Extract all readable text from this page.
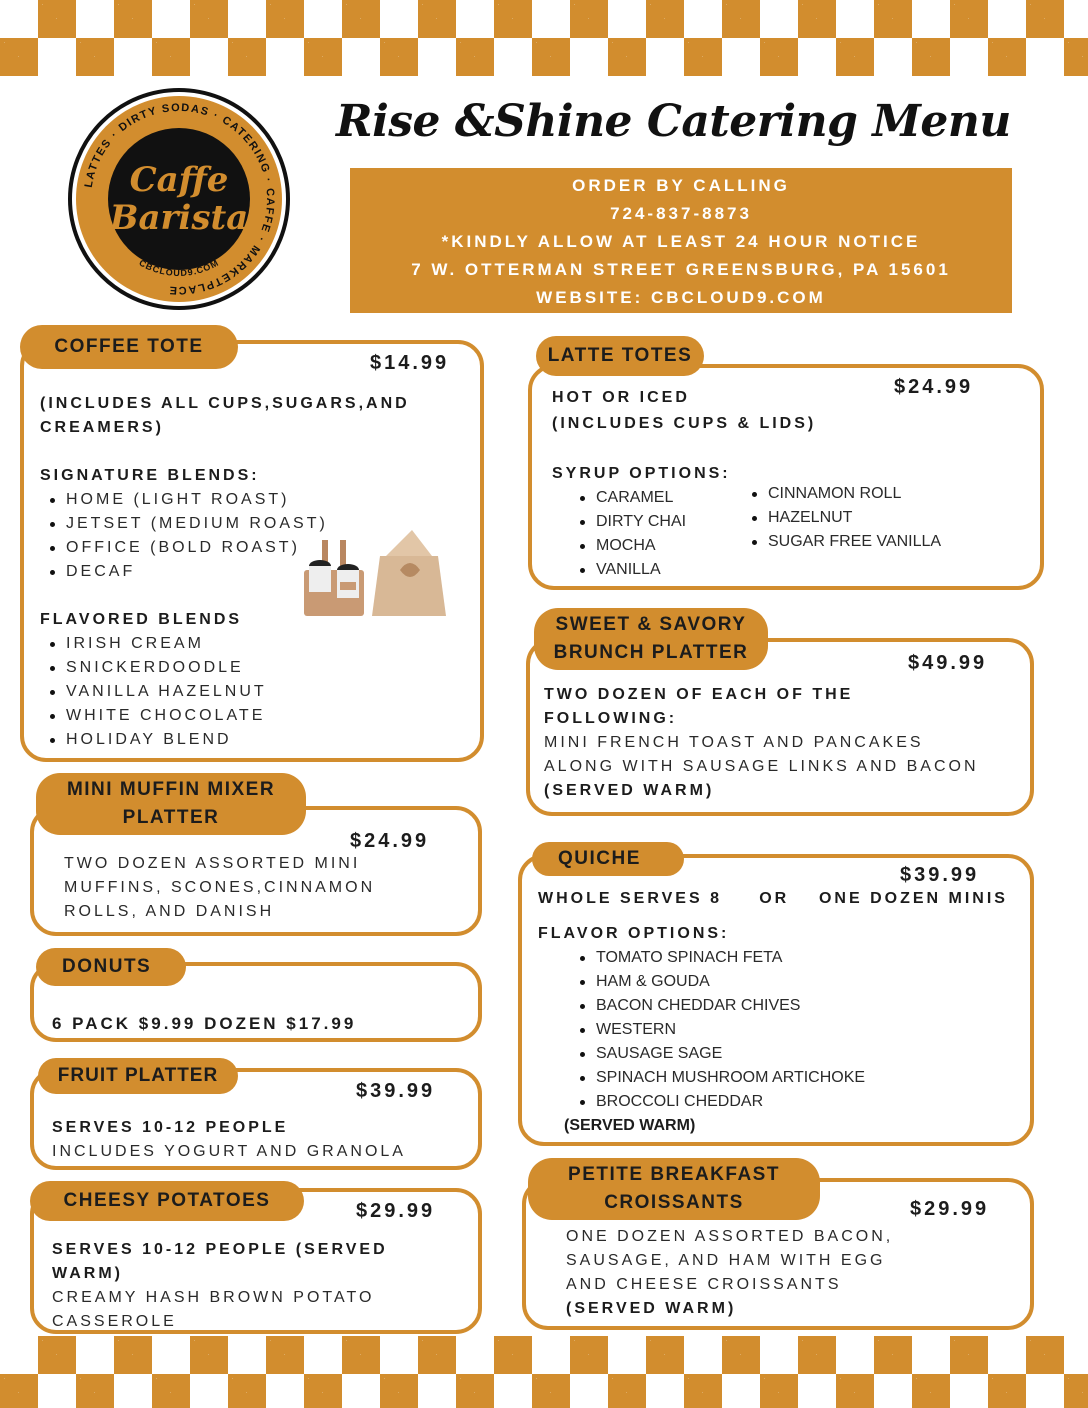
Caffe
Barista
LATTES · DIRTY SODAS · CATERING · CAFFE · MARKETPLACE
CBCLOUD9.COM
Rise &Shine Catering Menu
ORDER BY CALLING
724-837-8873
*KINDLY ALLOW AT LEAST 24 HOUR NOTICE
7 W. OTTERMAN STREET GREENSBURG, PA 15601
WEBSITE: CBCLOUD9.COM
COFFEE TOTE
$14.99
(INCLUDES ALL CUPS,SUGARS,AND
CREAMERS)
SIGNATURE BLENDS:
HOME (LIGHT ROAST)
JETSET (MEDIUM ROAST)
OFFICE (BOLD ROAST)
DECAF
FLAVORED BLENDS
IRISH CREAM
SNICKERDOODLE
VANILLA HAZELNUT
WHITE CHOCOLATE
HOLIDAY BLEND
MINI MUFFIN MIXER
PLATTER
$24.99
TWO DOZEN ASSORTED MINI
MUFFINS, SCONES,CINNAMON
ROLLS, AND DANISH
DONUTS
6 PACK $9.99 DOZEN $17.99
FRUIT PLATTER
$39.99
SERVES 10-12 PEOPLE
INCLUDES YOGURT AND GRANOLA
CHEESY POTATOES	$29.99
SERVES 10-12 PEOPLE (SERVED
WARM)
CREAMY HASH BROWN POTATO
CASSEROLE
LATTE TOTES
$24.99
HOT OR ICED
(INCLUDES CUPS & LIDS)
SYRUP OPTIONS:
CARAMEL
DIRTY CHAI
MOCHA
VANILLA
CINNAMON ROLL
HAZELNUT
SUGAR FREE VANILLA
SWEET & SAVORY
BRUNCH PLATTER	$49.99
TWO DOZEN OF EACH OF THE
FOLLOWING:
MINI FRENCH TOAST AND PANCAKES
ALONG WITH SAUSAGE LINKS AND BACON
(SERVED WARM)
QUICHE
$39.99
WHOLE SERVES 8     OR    ONE DOZEN MINIS
FLAVOR OPTIONS:
TOMATO SPINACH FETA
HAM & GOUDA
BACON CHEDDAR CHIVES
WESTERN
SAUSAGE SAGE
SPINACH MUSHROOM ARTICHOKE
BROCCOLI CHEDDAR
(SERVED WARM)
PETITE BREAKFAST
CROISSANTS	$29.99
ONE DOZEN ASSORTED BACON,
SAUSAGE, AND HAM WITH EGG
AND CHEESE CROISSANTS
(SERVED WARM)
